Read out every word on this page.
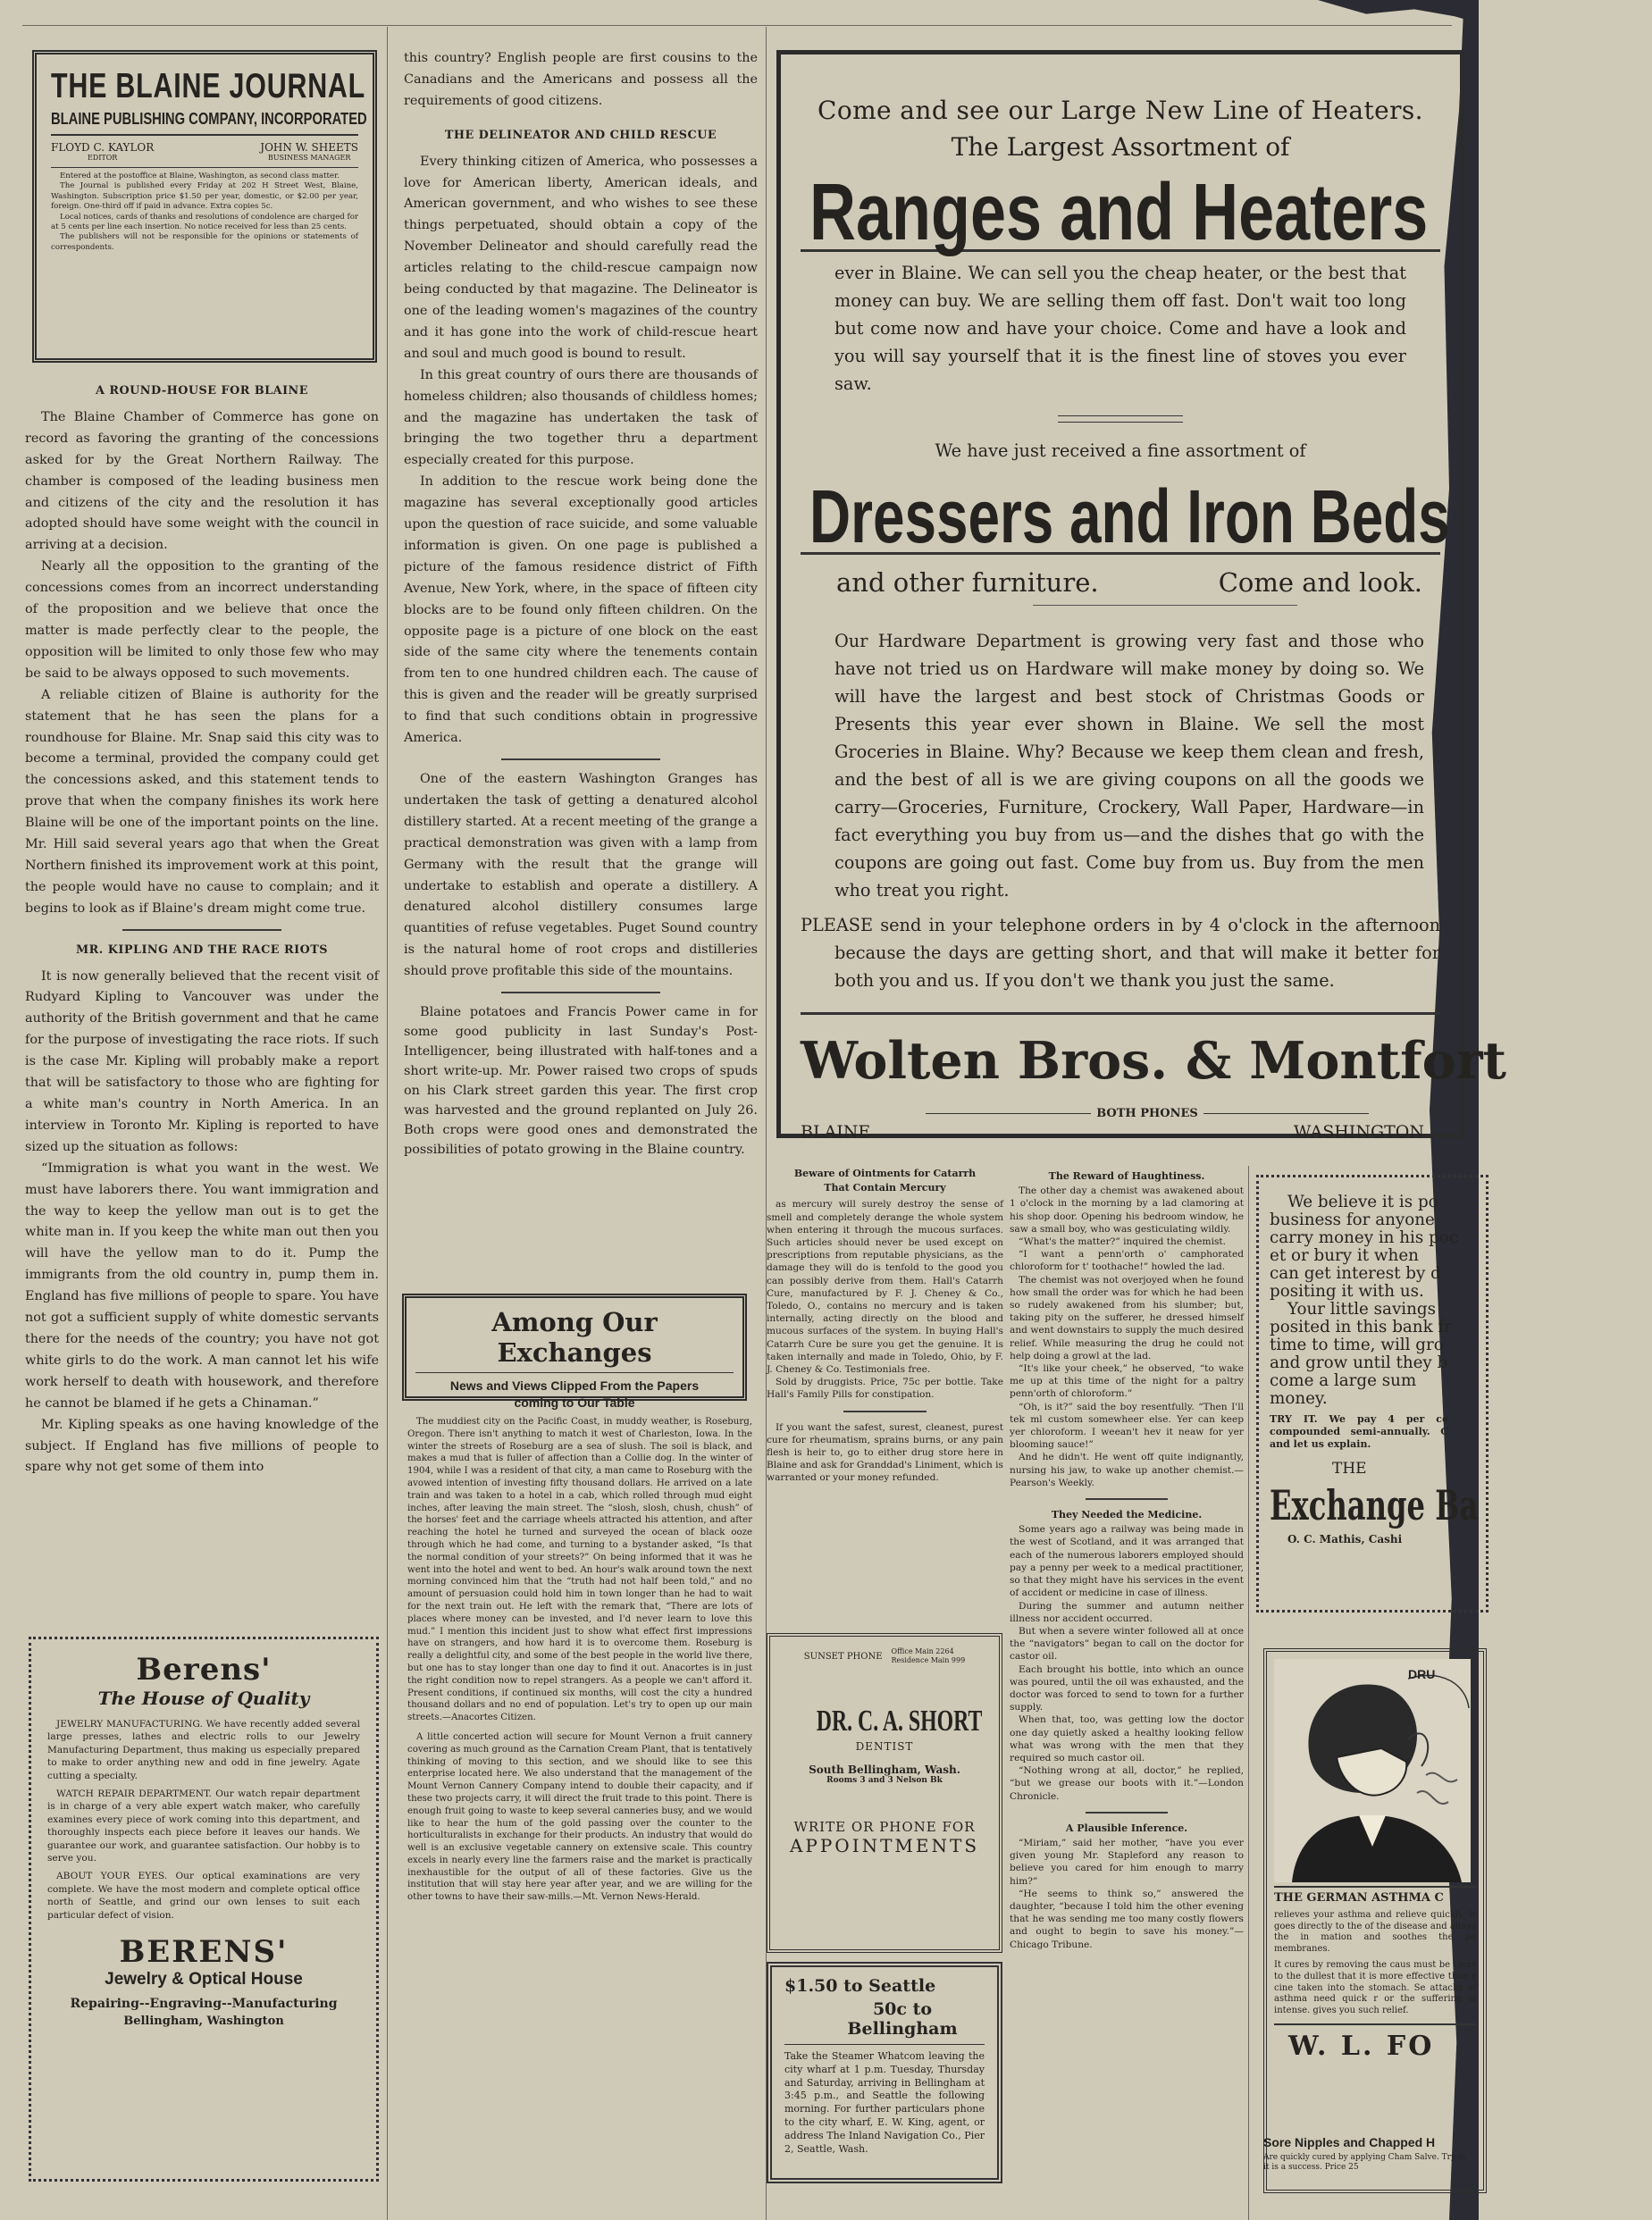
THE BLAINE JOURNAL
BLAINE PUBLISHING COMPANY, INCORPORATED
FLOYD C. KAYLOR
EDITOR
JOHN W. SHEETS
BUSINESS MANAGER

Entered at the postoffice at Blaine, Washington, as second class matter.

The Journal is published every Friday at 202 H Street West, Blaine, Washington. Subscription price $1.50 per year, domestic, or $2.00 per year, foreign. One-third off if paid in advance. Extra copies 5c.

Local notices, cards of thanks and resolutions of condolence are charged for at 5 cents per line each insertion. No notice received for less than 25 cents.

The publishers will not be responsible for the opinions or statements of correspondents.

A ROUND-HOUSE FOR BLAINE

The Blaine Chamber of Commerce has gone on record as favoring the granting of the concessions asked for by the Great Northern Railway. The chamber is composed of the leading business men and citizens of the city and the resolution it has adopted should have some weight with the council in arriving at a decision.

Nearly all the opposition to the granting of the concessions comes from an incorrect understanding of the proposition and we believe that once the matter is made perfectly clear to the people, the opposition will be limited to only those few who may be said to be always opposed to such movements.

A reliable citizen of Blaine is authority for the statement that he has seen the plans for a roundhouse for Blaine. Mr. Snap said this city was to become a terminal, provided the company could get the concessions asked, and this statement tends to prove that when the company finishes its work here Blaine will be one of the important points on the line. Mr. Hill said several years ago that when the Great Northern finished its improvement work at this point, the people would have no cause to complain; and it begins to look as if Blaine's dream might come true.

MR. KIPLING AND THE RACE RIOTS

It is now generally believed that the recent visit of Rudyard Kipling to Vancouver was under the authority of the British government and that he came for the purpose of investigating the race riots. If such is the case Mr. Kipling will probably make a report that will be satisfactory to those who are fighting for a white man's country in North America. In an interview in Toronto Mr. Kipling is reported to have sized up the situation as follows:

“Immigration is what you want in the west. We must have laborers there. You want immigration and the way to keep the yellow man out is to get the white man in. If you keep the white man out then you will have the yellow man to do it. Pump the immigrants from the old country in, pump them in. England has five millions of people to spare. You have not got a sufficient supply of white domestic servants there for the needs of the country; you have not got white girls to do the work. A man cannot let his wife work herself to death with housework, and therefore he cannot be blamed if he gets a Chinaman.”

Mr. Kipling speaks as one having knowledge of the subject. If England has five millions of people to spare why not get some of them into

Berens'
The House of Quality

JEWELRY MANUFACTURING. We have recently added several large presses, lathes and electric rolls to our Jewelry Manufacturing Department, thus making us especially prepared to make to order anything new and odd in fine jewelry. Agate cutting a specialty.

WATCH REPAIR DEPARTMENT. Our watch repair department is in charge of a very able expert watch maker, who carefully examines every piece of work coming into this department, and thoroughly inspects each piece before it leaves our hands. We guarantee our work, and guarantee satisfaction. Our hobby is to serve you.

ABOUT YOUR EYES. Our optical examinations are very complete. We have the most modern and complete optical office north of Seattle, and grind our own lenses to suit each particular defect of vision.

BERENS'
Jewelry & Optical House
Repairing--Engraving--Manufacturing
Bellingham, Washington

this country? English people are first cousins to the Canadians and the Americans and possess all the requirements of good citizens.

THE DELINEATOR AND CHILD RESCUE

Every thinking citizen of America, who possesses a love for American liberty, American ideals, and American government, and who wishes to see these things perpetuated, should obtain a copy of the November Delineator and should carefully read the articles relating to the child-rescue campaign now being conducted by that magazine. The Delineator is one of the leading women's magazines of the country and it has gone into the work of child-rescue heart and soul and much good is bound to result.

In this great country of ours there are thousands of homeless children; also thousands of childless homes; and the magazine has undertaken the task of bringing the two together thru a department especially created for this purpose.

In addition to the rescue work being done the magazine has several exceptionally good articles upon the question of race suicide, and some valuable information is given. On one page is published a picture of the famous residence district of Fifth Avenue, New York, where, in the space of fifteen city blocks are to be found only fifteen children. On the opposite page is a picture of one block on the east side of the same city where the tenements contain from ten to one hundred children each. The cause of this is given and the reader will be greatly surprised to find that such conditions obtain in progressive America.

One of the eastern Washington Granges has undertaken the task of getting a denatured alcohol distillery started. At a recent meeting of the grange a practical demonstration was given with a lamp from Germany with the result that the grange will undertake to establish and operate a distillery. A denatured alcohol distillery consumes large quantities of refuse vegetables. Puget Sound country is the natural home of root crops and distilleries should prove profitable this side of the mountains.

Blaine potatoes and Francis Power came in for some good publicity in last Sunday's Post-Intelligencer, being illustrated with half-tones and a short write-up. Mr. Power raised two crops of spuds on his Clark street garden this year. The first crop was harvested and the ground replanted on July 26. Both crops were good ones and demonstrated the possibilities of potato growing in the Blaine country.

Among Our Exchanges
News and Views Clipped From the Papers coming to Our Table

The muddiest city on the Pacific Coast, in muddy weather, is Roseburg, Oregon. There isn't anything to match it west of Charleston, Iowa. In the winter the streets of Roseburg are a sea of slush. The soil is black, and makes a mud that is fuller of affection than a Collie dog. In the winter of 1904, while I was a resident of that city, a man came to Roseburg with the avowed intention of investing fifty thousand dollars. He arrived on a late train and was taken to a hotel in a cab, which rolled through mud eight inches, after leaving the main street. The “slosh, slosh, chush, chush” of the horses' feet and the carriage wheels attracted his attention, and after reaching the hotel he turned and surveyed the ocean of black ooze through which he had come, and turning to a bystander asked, “Is that the normal condition of your streets?” On being informed that it was he went into the hotel and went to bed. An hour's walk around town the next morning convinced him that the “truth had not half been told,” and no amount of persuasion could hold him in town longer than he had to wait for the next train out. He left with the remark that, “There are lots of places where money can be invested, and I'd never learn to love this mud.” I mention this incident just to show what effect first impressions have on strangers, and how hard it is to overcome them. Roseburg is really a delightful city, and some of the best people in the world live there, but one has to stay longer than one day to find it out. Anacortes is in just the right condition now to repel strangers. As a people we can't afford it. Present conditions, if continued six months, will cost the city a hundred thousand dollars and no end of population. Let's try to open up our main streets.—Anacortes Citizen.

A little concerted action will secure for Mount Vernon a fruit cannery covering as much ground as the Carnation Cream Plant, that is tentatively thinking of moving to this section, and we should like to see this enterprise located here. We also understand that the management of the Mount Vernon Cannery Company intend to double their capacity, and if these two projects carry, it will direct the fruit trade to this point. There is enough fruit going to waste to keep several canneries busy, and we would like to hear the hum of the gold passing over the counter to the horticulturalists in exchange for their products. An industry that would do well is an exclusive vegetable cannery on extensive scale. This country excels in nearly every line the farmers raise and the market is practically inexhaustible for the output of all of these factories. Give us the institution that will stay here year after year, and we are willing for the other towns to have their saw-mills.—Mt. Vernon News-Herald.

Come and see our Large New Line of Heaters.
The Largest Assortment of
Ranges and Heaters

ever in Blaine. We can sell you the cheap heater, or the best that money can buy. We are selling them off fast. Don't wait too long but come now and have your choice. Come and have a look and you will say yourself that it is the finest line of stoves you ever saw.

We have just received a fine assortment of
Dressers and Iron Beds
and other furniture.	Come and look.

Our Hardware Department is growing very fast and those who have not tried us on Hardware will make money by doing so. We will have the largest and best stock of Christmas Goods or Presents this year ever shown in Blaine. We sell the most Groceries in Blaine. Why? Because we keep them clean and fresh, and the best of all is we are giving coupons on all the goods we carry—Groceries, Furniture, Crockery, Wall Paper, Hardware—in fact everything you buy from us—and the dishes that go with the coupons are going out fast. Come buy from us. Buy from the men who treat you right.

PLEASE send in your telephone orders in by 4 o'clock in the afternoon because the days are getting short, and that will make it better for both you and us. If you don't we thank you just the same.

Wolten Bros. & Montfort
BOTH PHONES
BLAINE	WASHINGTON
Beware of Ointments for Catarrh
That Contain Mercury

as mercury will surely destroy the sense of smell and completely derange the whole system when entering it through the mucous surfaces. Such articles should never be used except on prescriptions from reputable physicians, as the damage they will do is tenfold to the good you can possibly derive from them. Hall's Catarrh Cure, manufactured by F. J. Cheney & Co., Toledo, O., contains no mercury and is taken internally, acting directly on the blood and mucous surfaces of the system. In buying Hall's Catarrh Cure be sure you get the genuine. It is taken internally and made in Toledo, Ohio, by F. J. Cheney & Co. Testimonials free.

Sold by druggists. Price, 75c per bottle. Take Hall's Family Pills for constipation.

If you want the safest, surest, cleanest, purest cure for rheumatism, sprains burns, or any pain flesh is heir to, go to either drug store here in Blaine and ask for Granddad's Liniment, which is warranted or your money refunded.

SUNSET PHONE Office Main 2264
Residence Main 999
DR. C. A. SHORT
DENTIST
South Bellingham, Wash.
Rooms 3 and 3 Nelson Bk
WRITE OR PHONE FOR
APPOINTMENTS
$1.50 to Seattle
50c to Bellingham

Take the Steamer Whatcom leaving the city wharf at 1 p.m. Tuesday, Thursday and Saturday, arriving in Bellingham at 3:45 p.m., and Seattle the following morning. For further particulars phone to the city wharf, E. W. King, agent, or address The Inland Navigation Co., Pier 2, Seattle, Wash.

The Reward of Haughtiness.

The other day a chemist was awakened about 1 o'clock in the morning by a lad clamoring at his shop door. Opening his bedroom window, he saw a small boy, who was gesticulating wildly.

“What's the matter?” inquired the chemist.

“I want a penn'orth o' camphorated chloroform for t' toothache!” howled the lad.

The chemist was not overjoyed when he found how small the order was for which he had been so rudely awakened from his slumber; but, taking pity on the sufferer, he dressed himself and went downstairs to supply the much desired relief. While measuring the drug he could not help doing a growl at the lad.

“It's like your cheek,” he observed, “to wake me up at this time of the night for a paltry penn'orth of chloroform.”

“Oh, is it?” said the boy resentfully. “Then I'll tek ml custom somewheer else. Yer can keep yer chloroform. I weean't hev it neaw for yer blooming sauce!”

And he didn't. He went off quite indignantly, nursing his jaw, to wake up another chemist.—Pearson's Weekly.

They Needed the Medicine.

Some years ago a railway was being made in the west of Scotland, and it was arranged that each of the numerous laborers employed should pay a penny per week to a medical practitioner, so that they might have his services in the event of accident or medicine in case of illness.

During the summer and autumn neither illness nor accident occurred.

But when a severe winter followed all at once the “navigators” began to call on the doctor for castor oil.

Each brought his bottle, into which an ounce was poured, until the oil was exhausted, and the doctor was forced to send to town for a further supply.

When that, too, was getting low the doctor one day quietly asked a healthy looking fellow what was wrong with the men that they required so much castor oil.

“Nothing wrong at all, doctor,” he replied, “but we grease our boots with it.”—London Chronicle.

A Plausible Inference.

“Miriam,” said her mother, “have you ever given young Mr. Stapleford any reason to believe you cared for him enough to marry him?”

“He seems to think so,” answered the daughter, “because I told him the other evening that he was sending me too many costly flowers and ought to begin to save his money.”—Chicago Tribune.

We believe it is po
business for anyone
carry money in his poc
et or bury it when
can get interest by d
positing it with us.
Your little savings
posited in this bank fr
time to time, will gro
and grow until they b
come a large sum
money.

TRY IT. We pay 4 per ce compounded semi-annually. C and let us explain.

THE
Exchange Ba
O. C. Mathis, Cashi
DRU
THE GERMAN ASTHMA C

relieves your asthma and relieve quickly. It goes directly to the of the disease and allays the in mation and soothes the pa membranes.

It cures by removing the caus must be clear to the dullest that it is more effective than r cine taken into the stomach. Se attacks of asthma need quick r or the suffering is intense. gives you such relief.

W. L. FO
Sore Nipples and Chapped H
Are quickly cured by applying Cham Salve. Try it; it is a success. Price 25
